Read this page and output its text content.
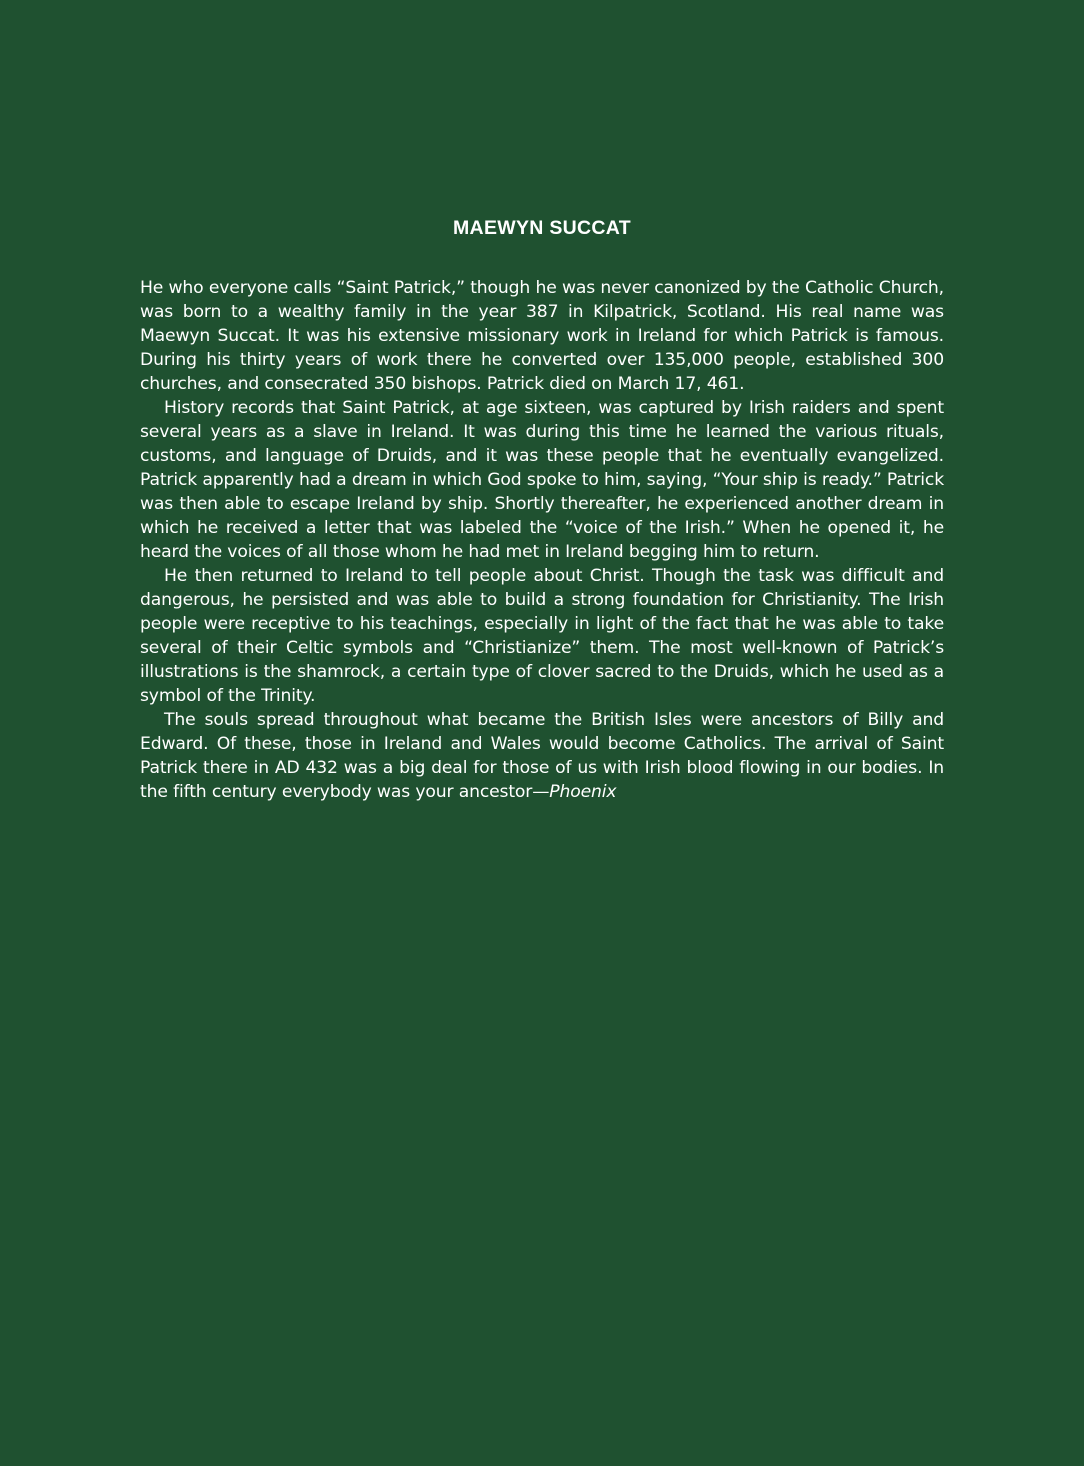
MAEWYN SUCCAT

He who everyone calls “Saint Patrick,” though he was never canonized by the Catholic Church, was born to a wealthy family in the year 387 in Kilpatrick, Scotland. His real name was Maewyn Succat. It was his extensive missionary work in Ireland for which Patrick is famous. During his thirty years of work there he converted over 135,000 people, established 300 churches, and consecrated 350 bishops. Patrick died on March 17, 461.

History records that Saint Patrick, at age sixteen, was captured by Irish raiders and spent several years as a slave in Ireland. It was during this time he learned the various rituals, customs, and language of Druids, and it was these people that he eventually evangelized. Patrick apparently had a dream in which God spoke to him, saying, “Your ship is ready.” Patrick was then able to escape Ireland by ship. Shortly thereafter, he experienced another dream in which he received a letter that was labeled the “voice of the Irish.” When he opened it, he heard the voices of all those whom he had met in Ireland begging him to return.

He then returned to Ireland to tell people about Christ. Though the task was difficult and dangerous, he persisted and was able to build a strong foundation for Christianity. The Irish people were receptive to his teachings, especially in light of the fact that he was able to take several of their Celtic symbols and “Christianize” them. The most well-known of Patrick’s illustrations is the shamrock, a certain type of clover sacred to the Druids, which he used as a symbol of the Trinity.

The souls spread throughout what became the British Isles were ancestors of Billy and Edward. Of these, those in Ireland and Wales would become Catholics. The arrival of Saint Patrick there in AD 432 was a big deal for those of us with Irish blood flowing in our bodies. In the fifth century everybody was your ancestor—Phoenix
